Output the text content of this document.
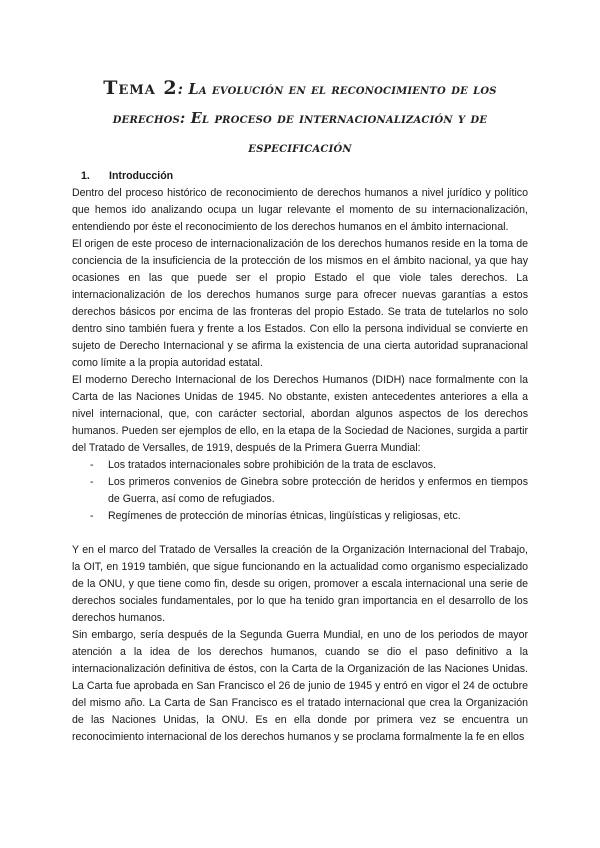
Tema 2: La evolución en el reconocimiento de los derechos: El proceso de internacionalización y de especificación
1.	Introducción

Dentro del proceso histórico de reconocimiento de derechos humanos a nivel jurídico y político que hemos ido analizando ocupa un lugar relevante el momento de su internacionalización, entendiendo por éste el reconocimiento de los derechos humanos en el ámbito internacional.

El origen de este proceso de internacionalización de los derechos humanos reside en la toma de conciencia de la insuficiencia de la protección de los mismos en el ámbito nacional, ya que hay ocasiones en las que puede ser el propio Estado el que viole tales derechos. La internacionalización de los derechos humanos surge para ofrecer nuevas garantías a estos derechos básicos por encima de las fronteras del propio Estado. Se trata de tutelarlos no solo dentro sino también fuera y frente a los Estados. Con ello la persona individual se convierte en sujeto de Derecho Internacional y se afirma la existencia de una cierta autoridad supranacional como límite a la propia autoridad estatal.

El moderno Derecho Internacional de los Derechos Humanos (DIDH) nace formalmente con la Carta de las Naciones Unidas de 1945. No obstante, existen antecedentes anteriores a ella a nivel internacional, que, con carácter sectorial, abordan algunos aspectos de los derechos humanos. Pueden ser ejemplos de ello, en la etapa de la Sociedad de Naciones, surgida a partir del Tratado de Versalles, de 1919, después de la Primera Guerra Mundial:

-	Los tratados internacionales sobre prohibición de la trata de esclavos.
-	Los primeros convenios de Ginebra sobre protección de heridos y enfermos en tiempos de Guerra, así como de refugiados.
-	Regímenes de protección de minorías étnicas, lingüísticas y religiosas, etc.

Y en el marco del Tratado de Versalles la creación de la Organización Internacional del Trabajo, la OIT, en 1919 también, que sigue funcionando en la actualidad como organismo especializado de la ONU, y que tiene como fin, desde su origen, promover a escala internacional una serie de derechos sociales fundamentales, por lo que ha tenido gran importancia en el desarrollo de los derechos humanos.

Sin embargo, sería después de la Segunda Guerra Mundial, en uno de los periodos de mayor atención a la idea de los derechos humanos, cuando se dio el paso definitivo a la internacionalización definitiva de éstos, con la Carta de la Organización de las Naciones Unidas. La Carta fue aprobada en San Francisco el 26 de junio de 1945 y entró en vigor el 24 de octubre del mismo año. La Carta de San Francisco es el tratado internacional que crea la Organización de las Naciones Unidas, la ONU. Es en ella donde por primera vez se encuentra un reconocimiento internacional de los derechos humanos y se proclama formalmente la fe en ellos
